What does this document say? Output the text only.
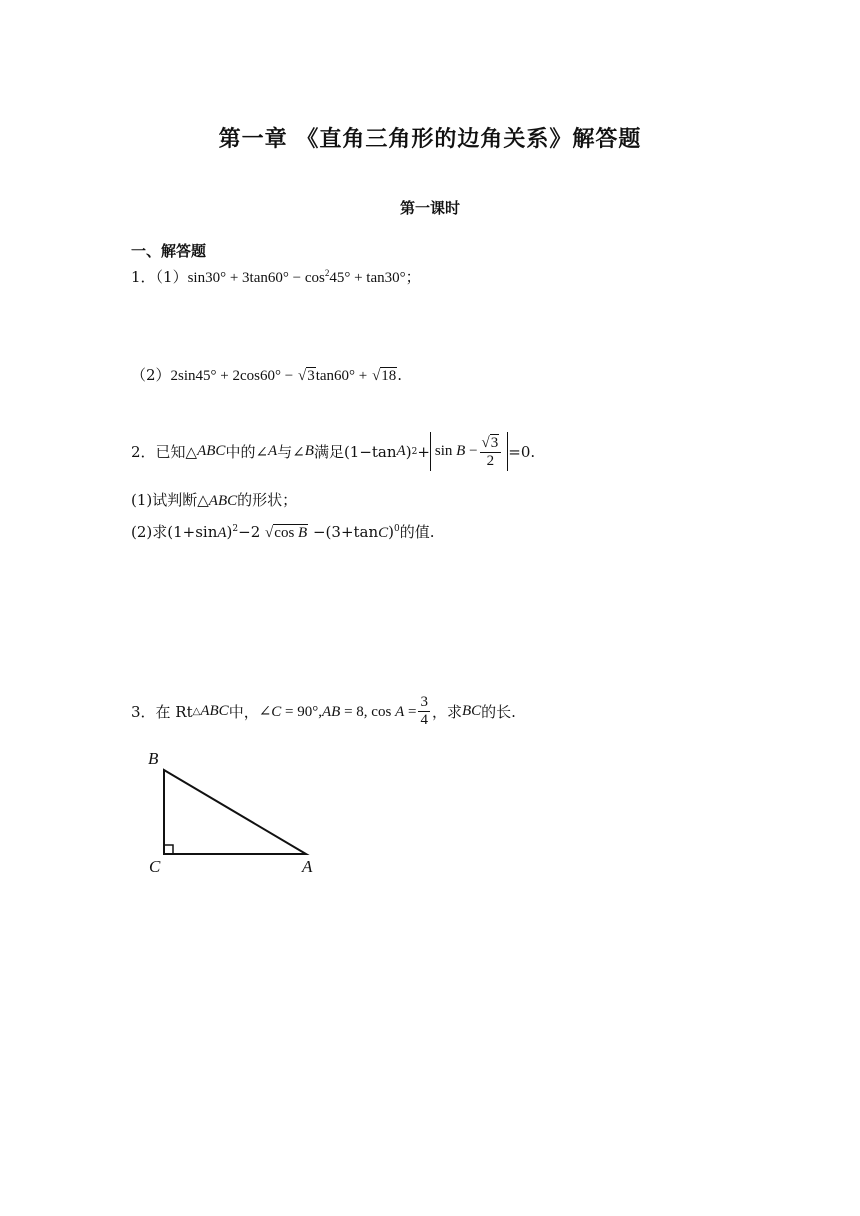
第一章 《直角三角形的边角关系》解答题
第一课时
一、解答题
1．$(1)\sin 30^\circ + 3\tan 60^\circ - \cos^245^\circ + \tan 30^\circ$；
（2）2sin45° + 2cos60° − √ 3 tan60° + √ 18 .
2．已知△ ABC 中的∠ A 与∠ B 满足(1−tan A ) 2 + sin
B
− $\frac{√ 3}{2} =0$.
(1)试判断△ABC的形状；
(2)求$(1+\sin A)^2-2$ √ $\cos B -(3+\tan C)^0$的值.
3．在 Rt △ ABC 中， ∠C = 90°,AB = 8, $\cos A = \frac{3}{4}$ ，求 BC 的长.
B
C	A
